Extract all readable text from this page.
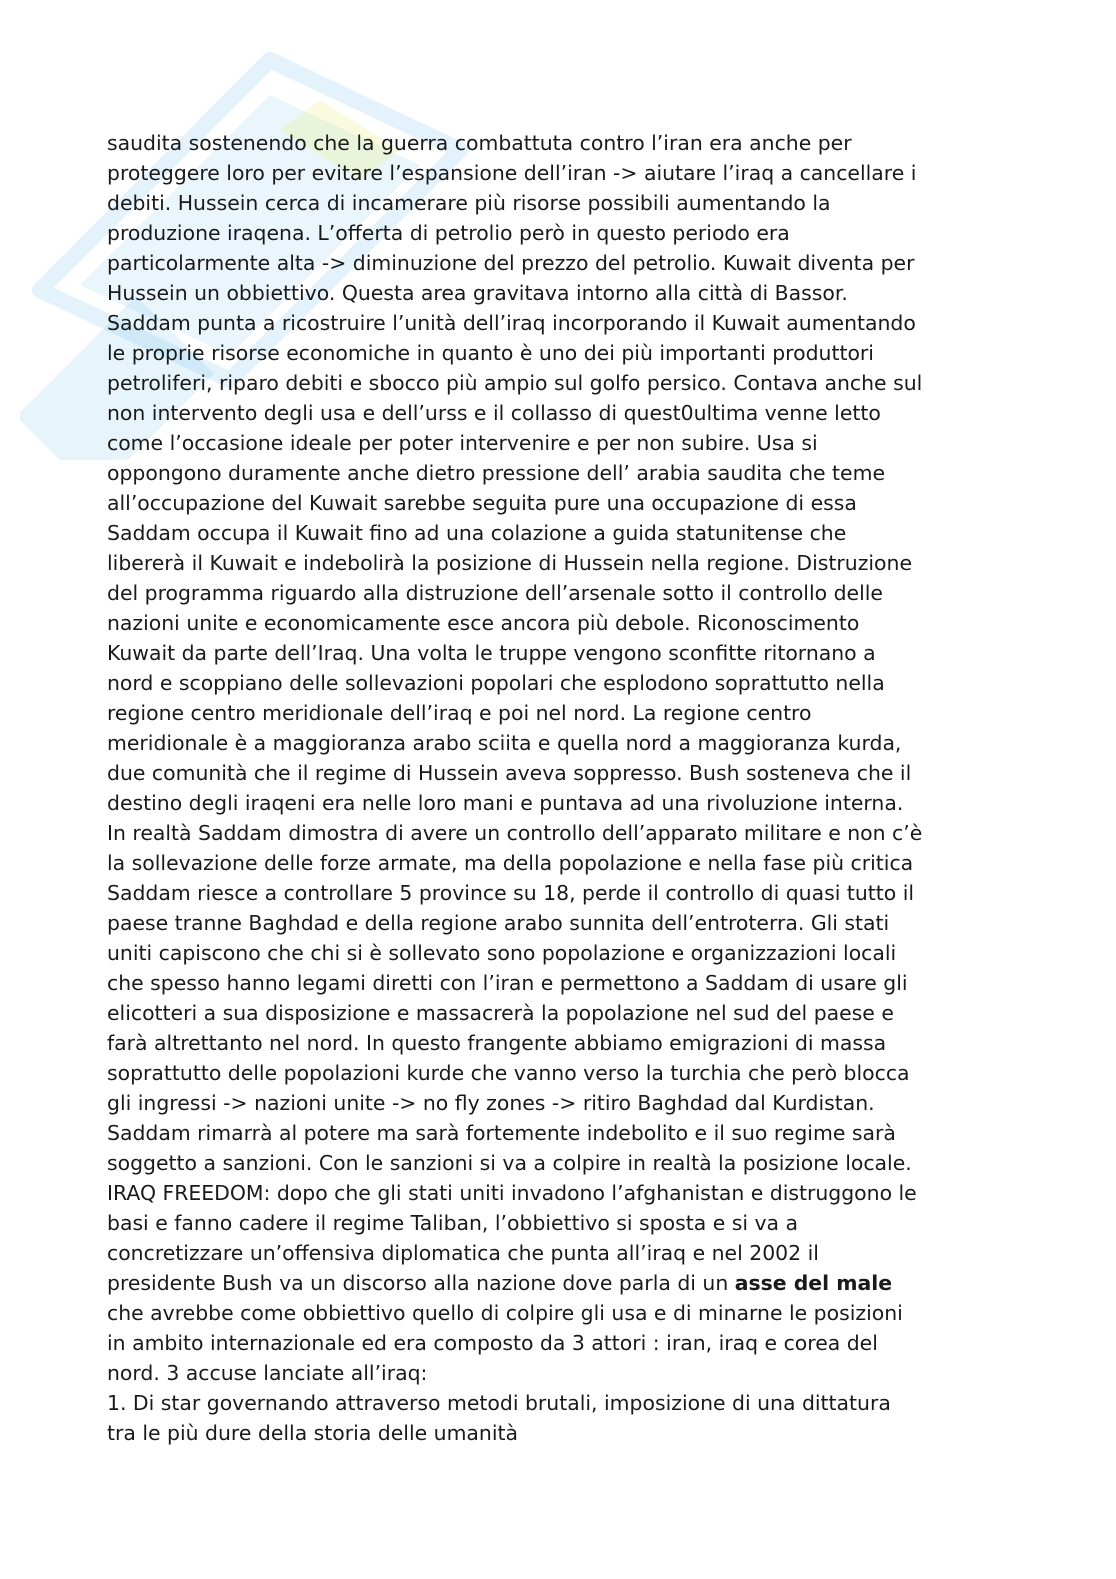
saudita sostenendo che la guerra combattuta contro l’iran era anche per

proteggere loro per evitare l’espansione dell’iran -> aiutare l’iraq a cancellare i

debiti. Hussein cerca di incamerare più risorse possibili aumentando la

produzione iraqena. L’offerta di petrolio però in questo periodo era

particolarmente alta -> diminuzione del prezzo del petrolio. Kuwait diventa per

Hussein un obbiettivo. Questa area gravitava intorno alla città di Bassor.

Saddam punta a ricostruire l’unità dell’iraq incorporando il Kuwait aumentando

le proprie risorse economiche in quanto è uno dei più importanti produttori

petroliferi, riparo debiti e sbocco più ampio sul golfo persico. Contava anche sul

non intervento degli usa e dell’urss e il collasso di quest0ultima venne letto

come l’occasione ideale per poter intervenire e per non subire. Usa si

oppongono duramente anche dietro pressione dell’ arabia saudita che teme

all’occupazione del Kuwait sarebbe seguita pure una occupazione di essa

Saddam occupa il Kuwait fino ad una colazione a guida statunitense che

libererà il Kuwait e indebolirà la posizione di Hussein nella regione. Distruzione

del programma riguardo alla distruzione dell’arsenale sotto il controllo delle

nazioni unite e economicamente esce ancora più debole. Riconoscimento

Kuwait da parte dell’Iraq. Una volta le truppe vengono sconfitte ritornano a

nord e scoppiano delle sollevazioni popolari che esplodono soprattutto nella

regione centro meridionale dell’iraq e poi nel nord. La regione centro

meridionale è a maggioranza arabo sciita e quella nord a maggioranza kurda,

due comunità che il regime di Hussein aveva soppresso. Bush sosteneva che il

destino degli iraqeni era nelle loro mani e puntava ad una rivoluzione interna.

In realtà Saddam dimostra di avere un controllo dell’apparato militare e non c’è

la sollevazione delle forze armate, ma della popolazione e nella fase più critica

Saddam riesce a controllare 5 province su 18, perde il controllo di quasi tutto il

paese tranne Baghdad e della regione arabo sunnita dell’entroterra. Gli stati

uniti capiscono che chi si è sollevato sono popolazione e organizzazioni locali

che spesso hanno legami diretti con l’iran e permettono a Saddam di usare gli

elicotteri a sua disposizione e massacrerà la popolazione nel sud del paese e

farà altrettanto nel nord. In questo frangente abbiamo emigrazioni di massa

soprattutto delle popolazioni kurde che vanno verso la turchia che però blocca

gli ingressi -> nazioni unite -> no fly zones -> ritiro Baghdad dal Kurdistan.

Saddam rimarrà al potere ma sarà fortemente indebolito e il suo regime sarà

soggetto a sanzioni. Con le sanzioni si va a colpire in realtà la posizione locale.

IRAQ FREEDOM: dopo che gli stati uniti invadono l’afghanistan e distruggono le

basi e fanno cadere il regime Taliban, l’obbiettivo si sposta e si va a

concretizzare un’offensiva diplomatica che punta all’iraq e nel 2002 il

presidente Bush va un discorso alla nazione dove parla di un asse del male

che avrebbe come obbiettivo quello di colpire gli usa e di minarne le posizioni

in ambito internazionale ed era composto da 3 attori : iran, iraq e corea del

nord. 3 accuse lanciate all’iraq:

1. Di star governando attraverso metodi brutali, imposizione di una dittatura

tra le più dure della storia delle umanità
